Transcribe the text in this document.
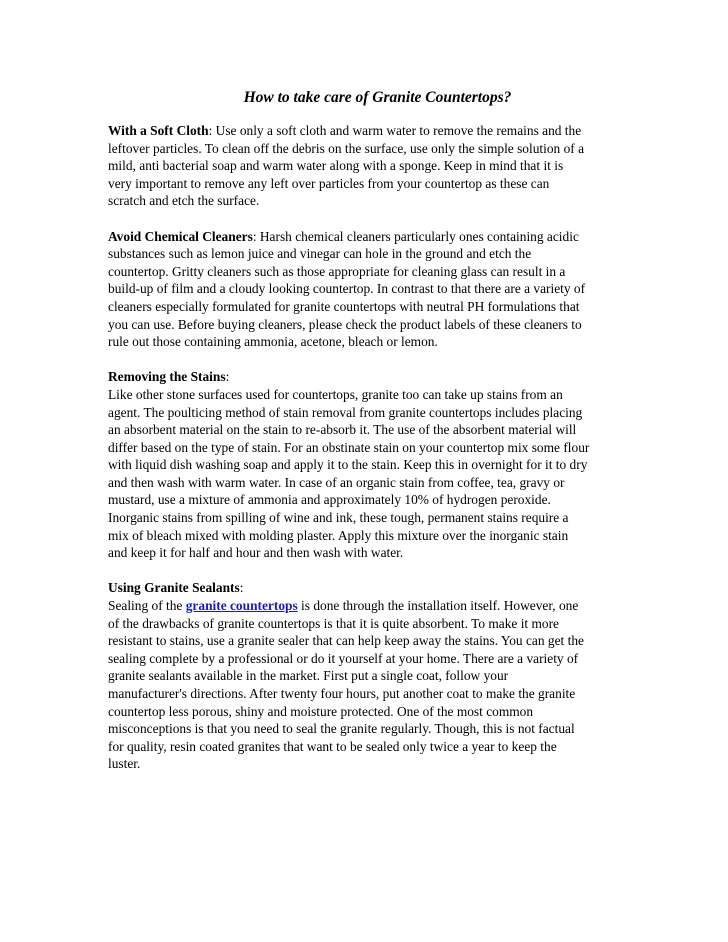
How to take care of Granite Countertops?
With a Soft Cloth: Use only a soft cloth and warm water to remove the remains and the
leftover particles. To clean off the debris on the surface, use only the simple solution of a
mild, anti bacterial soap and warm water along with a sponge. Keep in mind that it is
very important to remove any left over particles from your countertop as these can
scratch and etch the surface.
Avoid Chemical Cleaners: Harsh chemical cleaners particularly ones containing acidic
substances such as lemon juice and vinegar can hole in the ground and etch the
countertop. Gritty cleaners such as those appropriate for cleaning glass can result in a
build-up of film and a cloudy looking countertop. In contrast to that there are a variety of
cleaners especially formulated for granite countertops with neutral PH formulations that
you can use. Before buying cleaners, please check the product labels of these cleaners to
rule out those containing ammonia, acetone, bleach or lemon.
Removing the Stains:
Like other stone surfaces used for countertops, granite too can take up stains from an
agent. The poulticing method of stain removal from granite countertops includes placing
an absorbent material on the stain to re-absorb it. The use of the absorbent material will
differ based on the type of stain. For an obstinate stain on your countertop mix some flour
with liquid dish washing soap and apply it to the stain. Keep this in overnight for it to dry
and then wash with warm water. In case of an organic stain from coffee, tea, gravy or
mustard, use a mixture of ammonia and approximately 10% of hydrogen peroxide.
Inorganic stains from spilling of wine and ink, these tough, permanent stains require a
mix of bleach mixed with molding plaster. Apply this mixture over the inorganic stain
and keep it for half and hour and then wash with water.
Using Granite Sealants:
Sealing of the granite countertops is done through the installation itself. However, one
of the drawbacks of granite countertops is that it is quite absorbent. To make it more
resistant to stains, use a granite sealer that can help keep away the stains. You can get the
sealing complete by a professional or do it yourself at your home. There are a variety of
granite sealants available in the market. First put a single coat, follow your
manufacturer's directions. After twenty four hours, put another coat to make the granite
countertop less porous, shiny and moisture protected. One of the most common
misconceptions is that you need to seal the granite regularly. Though, this is not factual
for quality, resin coated granites that want to be sealed only twice a year to keep the
luster.
